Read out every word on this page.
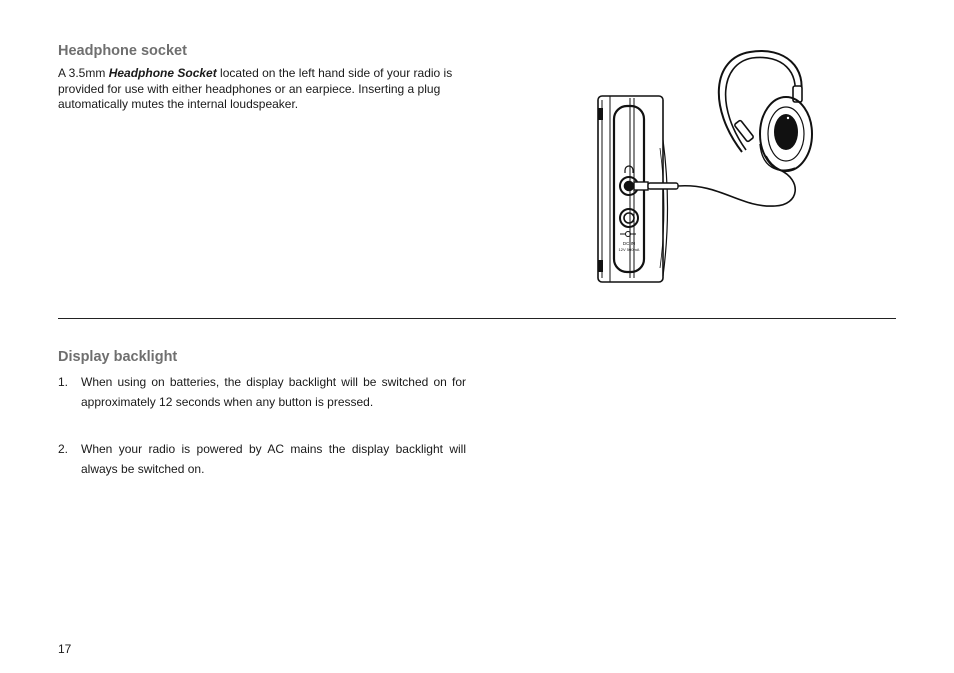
Headphone socket

A 3.5mm Headphone Socket located on the left hand side of your radio is provided for use with either headphones or an earpiece. Inserting a plug automatically mutes the internal loudspeaker.

DC IN
12V 500mA
Display backlight
1. When using on batteries, the display backlight will be switched on for approximately 12 seconds when any button is pressed.
2. When your radio is powered by AC mains the display backlight will always be switched on.
17
